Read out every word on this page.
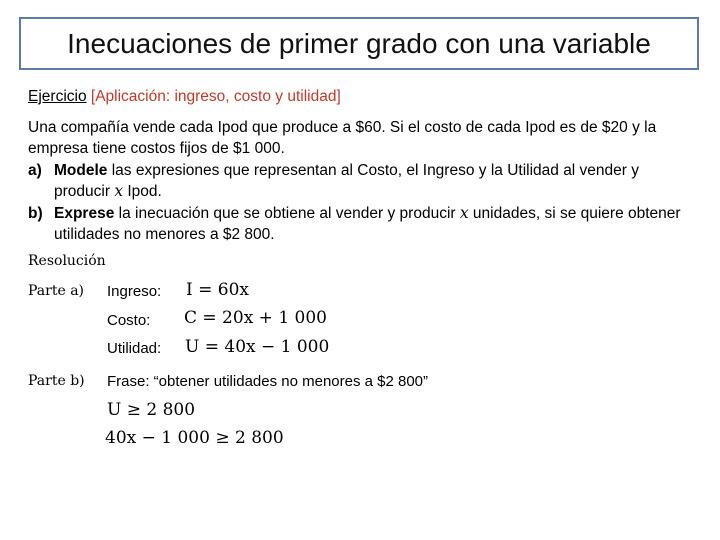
Inecuaciones de primer grado con una variable
Ejercicio [Aplicación: ingreso, costo y utilidad]

Una compañía vende cada Ipod que produce a $60. Si el costo de cada Ipod es de $20 y la empresa tiene costos fijos de $1 000.

a) Modele las expresiones que representan al Costo, el Ingreso y la Utilidad al vender y producir x Ipod.
b) Exprese la inecuación que se obtiene al vender y producir x unidades, si se quiere obtener utilidades no menores a $2 800.
Resolución
Parte a) Ingreso: I = 60x
Costo: C = 20x + 1 000
Utilidad: U = 40x − 1 000
Parte b) Frase: “obtener utilidades no menores a $2 800”
U ≥ 2 800
40x − 1 000 ≥ 2 800
